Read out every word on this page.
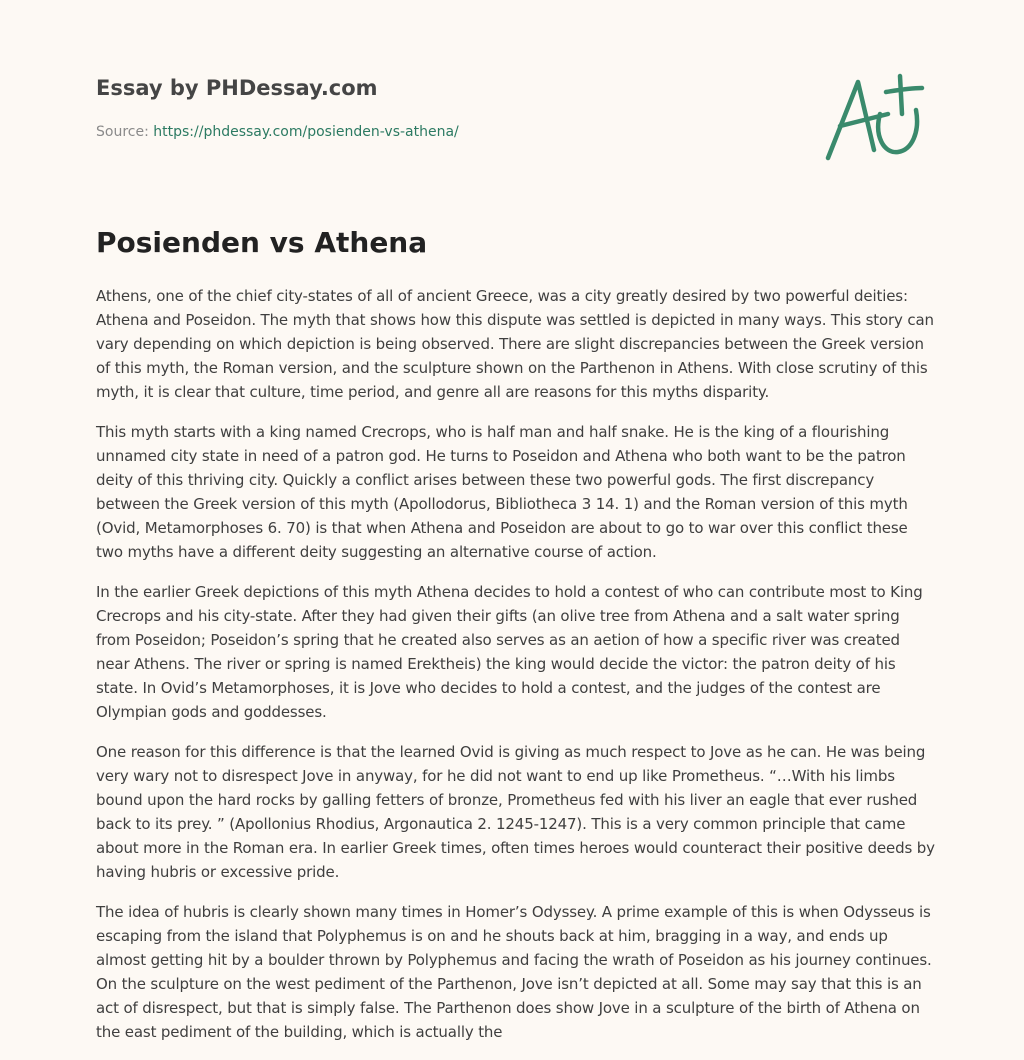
Essay by PHDessay.com
Source: https://phdessay.com/posienden-vs-athena/
Posienden vs Athena

Athens, one of the chief city-states of all of ancient Greece, was a city greatly desired by two powerful deities: Athena and Poseidon. The myth that shows how this dispute was settled is depicted in many ways. This story can vary depending on which depiction is being observed. There are slight discrepancies between the Greek version of this myth, the Roman version, and the sculpture shown on the Parthenon in Athens. With close scrutiny of this myth, it is clear that culture, time period, and genre all are reasons for this myths disparity.

This myth starts with a king named Crecrops, who is half man and half snake. He is the king of a flourishing unnamed city state in need of a patron god. He turns to Poseidon and Athena who both want to be the patron deity of this thriving city. Quickly a conflict arises between these two powerful gods. The first discrepancy between the Greek version of this myth (Apollodorus, Bibliotheca 3 14. 1) and the Roman version of this myth (Ovid, Metamorphoses 6. 70) is that when Athena and Poseidon are about to go to war over this conflict these two myths have a different deity suggesting an alternative course of action.

In the earlier Greek depictions of this myth Athena decides to hold a contest of who can contribute most to King Crecrops and his city-state. After they had given their gifts (an olive tree from Athena and a salt water spring from Poseidon; Poseidon’s spring that he created also serves as an aetion of how a specific river was created near Athens. The river or spring is named Erektheis) the king would decide the victor: the patron deity of his state. In Ovid’s Metamorphoses, it is Jove who decides to hold a contest, and the judges of the contest are Olympian gods and goddesses.

One reason for this difference is that the learned Ovid is giving as much respect to Jove as he can. He was being very wary not to disrespect Jove in anyway, for he did not want to end up like Prometheus. “…With his limbs bound upon the hard rocks by galling fetters of bronze, Prometheus fed with his liver an eagle that ever rushed back to its prey. ” (Apollonius Rhodius, Argonautica 2. 1245-1247). This is a very common principle that came about more in the Roman era. In earlier Greek times, often times heroes would counteract their positive deeds by having hubris or excessive pride.

The idea of hubris is clearly shown many times in Homer’s Odyssey. A prime example of this is when Odysseus is escaping from the island that Polyphemus is on and he shouts back at him, bragging in a way, and ends up almost getting hit by a boulder thrown by Polyphemus and facing the wrath of Poseidon as his journey continues. On the sculpture on the west pediment of the Parthenon, Jove isn’t depicted at all. Some may say that this is an act of disrespect, but that is simply false. The Parthenon does show Jove in a sculpture of the birth of Athena on the east pediment of the building, which is actually the
